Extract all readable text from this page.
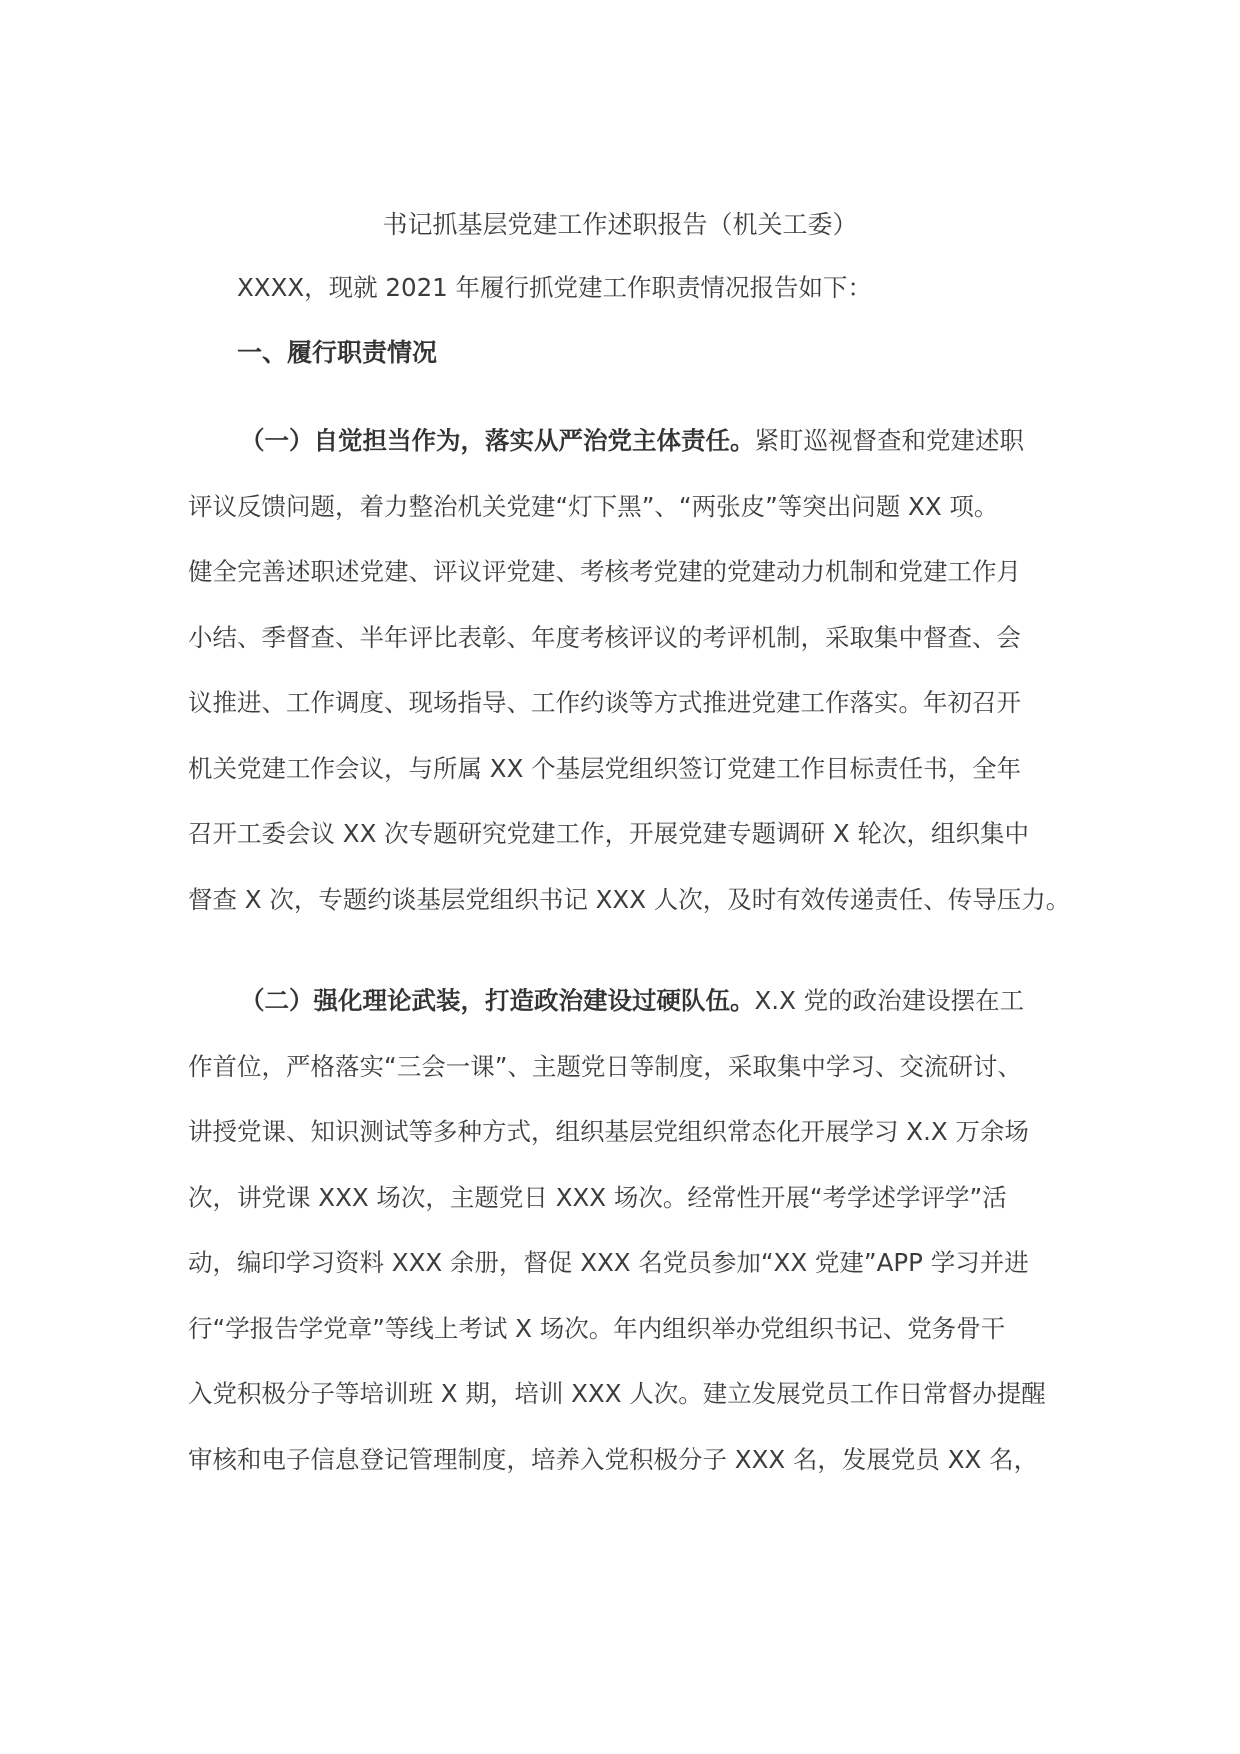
书记抓基层党建工作述职报告（机关工委）

XXXX，现就 2021 年履行抓党建工作职责情况报告如下：

一、履行职责情况
（一）自觉担当作为，落实从严治党主体责任。紧盯巡视督查和党建述职
评议反馈问题，着力整治机关党建“灯下黑”、“两张皮”等突出问题 XX 项。
健全完善述职述党建、评议评党建、考核考党建的党建动力机制和党建工作月
小结、季督查、半年评比表彰、年度考核评议的考评机制，采取集中督查、会
议推进、工作调度、现场指导、工作约谈等方式推进党建工作落实。年初召开
机关党建工作会议，与所属 XX 个基层党组织签订党建工作目标责任书，全年
召开工委会议 XX 次专题研究党建工作，开展党建专题调研 X 轮次，组织集中
督查 X 次，专题约谈基层党组织书记 XXX 人次，及时有效传递责任、传导压力。
（二）强化理论武装，打造政治建设过硬队伍。X.X 党的政治建设摆在工
作首位，严格落实“三会一课”、主题党日等制度，采取集中学习、交流研讨、
讲授党课、知识测试等多种方式，组织基层党组织常态化开展学习 X.X 万余场
次，讲党课 XXX 场次，主题党日 XXX 场次。经常性开展“考学述学评学”活
动，编印学习资料 XXX 余册，督促 XXX 名党员参加“XX 党建”APP 学习并进
行“学报告学党章”等线上考试 X 场次。年内组织举办党组织书记、党务骨干
入党积极分子等培训班 X 期，培训 XXX 人次。建立发展党员工作日常督办提醒
审核和电子信息登记管理制度，培养入党积极分子 XXX 名，发展党员 XX 名，
